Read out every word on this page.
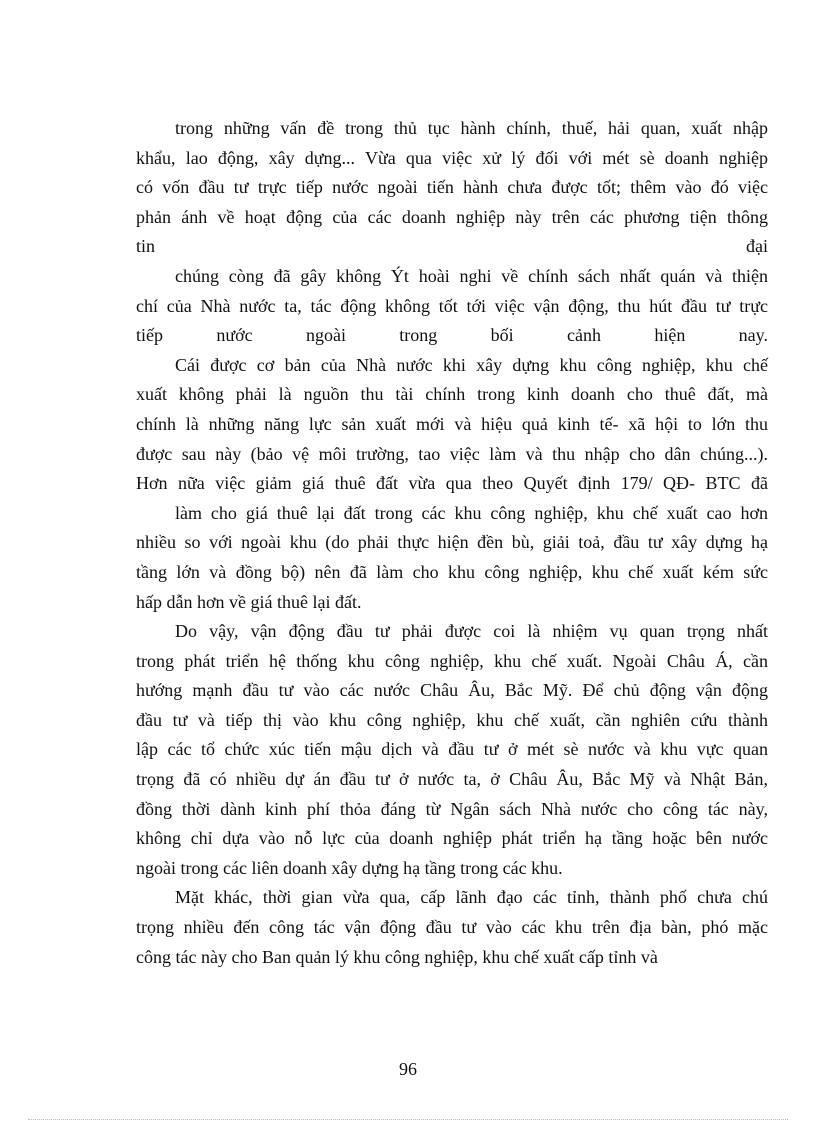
trong những vấn đề trong thủ tục hành chính, thuế, hải quan, xuất nhập
khẩu, lao động, xây dựng... Vừa qua việc xử lý đối với mét sè doanh nghiệp
có vốn đầu tư trực tiếp nước ngoài tiến hành chưa được tốt; thêm vào đó việc
phản ánh về hoạt động của các doanh nghiệp này trên các phương tiện thông
tin đại
chúng còng đã gây không Ýt hoài nghi về chính sách nhất quán và thiện
chí của Nhà nước ta, tác động không tốt tới việc vận động, thu hút đầu tư trực
tiếp nước ngoài trong bối cảnh hiện nay.
Cái được cơ bản của Nhà nước khi xây dựng khu công nghiệp, khu chế
xuất không phải là nguồn thu tài chính trong kinh doanh cho thuê đất, mà
chính là những năng lực sản xuất mới và hiệu quả kinh tế- xã hội to lớn thu
được sau này (bảo vệ môi trường, tao việc làm và thu nhập cho dân chúng...).
Hơn nữa việc giảm giá thuê đất vừa qua theo Quyết định 179/ QĐ- BTC đã
làm cho giá thuê lại đất trong các khu công nghiệp, khu chế xuất cao hơn
nhiều so với ngoài khu (do phải thực hiện đền bù, giải toả, đầu tư xây dựng hạ
tầng lớn và đồng bộ) nên đã làm cho khu công nghiệp, khu chế xuất kém sức
hấp dẫn hơn về giá thuê lại đất.
Do vậy, vận động đầu tư phải được coi là nhiệm vụ quan trọng nhất
trong phát triển hệ thống khu công nghiệp, khu chế xuất. Ngoài Châu Á, cần
hướng mạnh đầu tư vào các nước Châu Âu, Bắc Mỹ. Để chủ động vận động
đầu tư và tiếp thị vào khu công nghiệp, khu chế xuất, cần nghiên cứu thành
lập các tổ chức xúc tiến mậu dịch và đầu tư ở mét sè nước và khu vực quan
trọng đã có nhiều dự án đầu tư ở nước ta, ở Châu Âu, Bắc Mỹ và Nhật Bản,
đồng thời dành kinh phí thỏa đáng từ Ngân sách Nhà nước cho công tác này,
không chỉ dựa vào nỗ lực của doanh nghiệp phát triển hạ tầng hoặc bên nước
ngoài trong các liên doanh xây dựng hạ tầng trong các khu.
Mặt khác, thời gian vừa qua, cấp lãnh đạo các tỉnh, thành phố chưa chú
trọng nhiều đến công tác vận động đầu tư vào các khu trên địa bàn, phó mặc
công tác này cho Ban quản lý khu công nghiệp, khu chế xuất cấp tỉnh và
96
